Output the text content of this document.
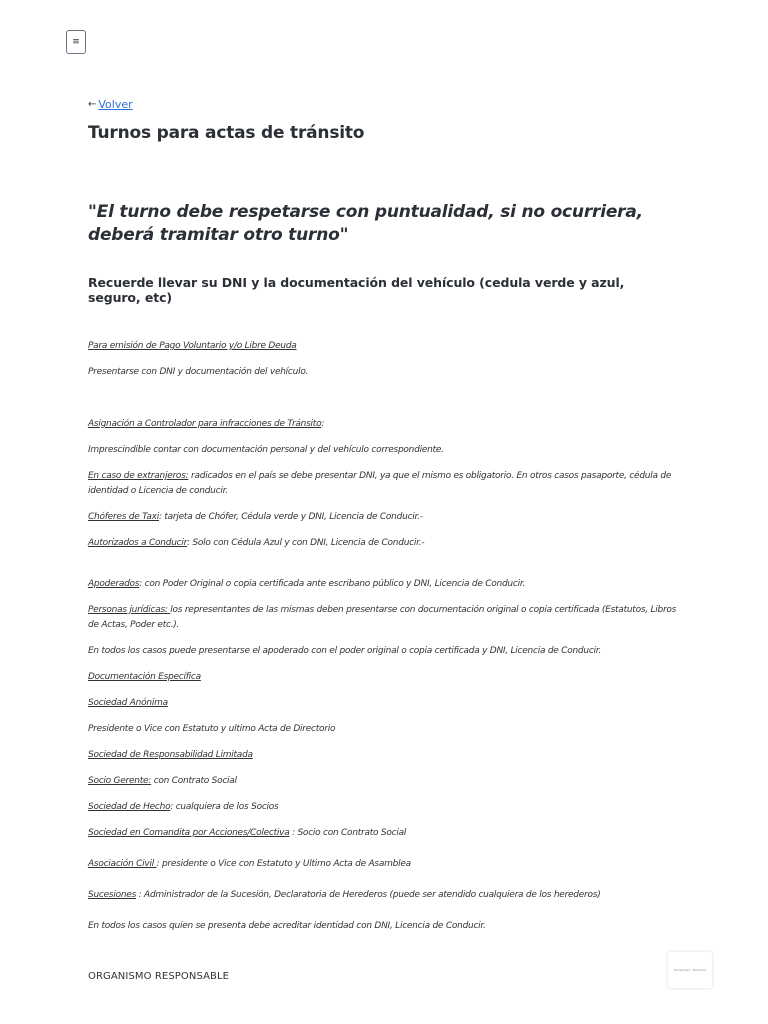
≡
← Volver
Turnos para actas de tránsito
"El turno debe respetarse con puntualidad, si no ocurriera, deberá tramitar otro turno"
Recuerde llevar su DNI y la documentación del vehículo (cedula verde y azul, seguro, etc)

Para emisión de Pago Voluntario y/o Libre Deuda

Presentarse con DNI y documentación del vehículo.

Asignación a Controlador para infracciones de Tránsito:

Imprescindible contar con documentación personal y del vehículo correspondiente.

En caso de extranjeros: radicados en el país se debe presentar DNI, ya que el mismo es obligatorio. En otros casos pasaporte, cédula de identidad o Licencia de conducir.

Chóferes de Taxi: tarjeta de Chófer, Cédula verde y DNI, Licencia de Conducir.-

Autorizados a Conducir: Solo con Cédula Azul y con DNI, Licencia de Conducir.-

Apoderados: con Poder Original o copia certificada ante escribano público y DNI, Licencia de Conducir.

Personas jurídicas: los representantes de las mismas deben presentarse con documentación original o copia certificada (Estatutos, Libros de Actas, Poder etc.).

En todos los casos puede presentarse el apoderado con el poder original o copia certificada y DNI, Licencia de Conducir.

Documentación Específica

Sociedad Anónima

Presidente o Vice con Estatuto y ultimo Acta de Directorio

Sociedad de Responsabilidad Limitada

Socio Gerente: con Contrato Social

Sociedad de Hecho: cualquiera de los Socios

Sociedad en Comandita por Acciones/Colectiva : Socio con Contrato Social

Asociación Civil : presidente o Vice con Estatuto y Ultimo Acta de Asamblea

Sucesiones : Administrador de la Sucesión, Declaratoria de Herederos (puede ser atendido cualquiera de los herederos)

En todos los casos quien se presenta debe acreditar identidad con DNI, Licencia de Conducir.

ORGANISMO RESPONSABLE
Privacidad - Términos
